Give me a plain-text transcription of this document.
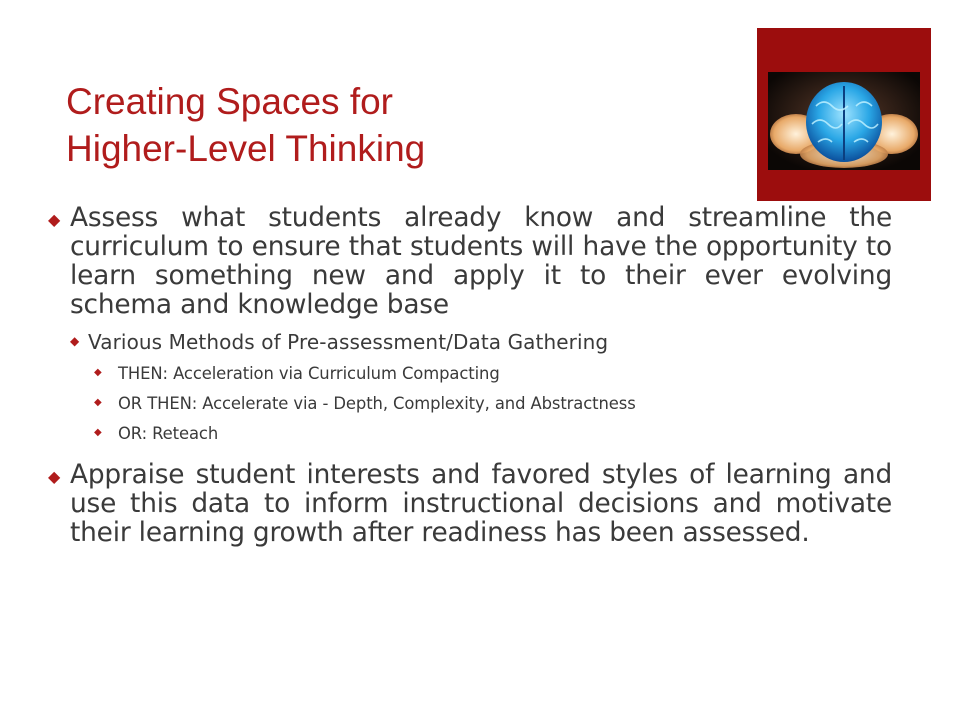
Creating Spaces for
Higher-Level Thinking
◆ Assess what students already know and streamline the curriculum to ensure that students will have the opportunity to learn something new and apply it to their ever evolving schema and knowledge base
◆ Various Methods of Pre-assessment/Data Gathering
◆ THEN: Acceleration via Curriculum Compacting
◆ OR THEN: Accelerate via - Depth, Complexity, and Abstractness
◆ OR: Reteach
◆ Appraise student interests and favored styles of learning and use this data to inform instructional decisions and motivate their learning growth after readiness has been assessed.
